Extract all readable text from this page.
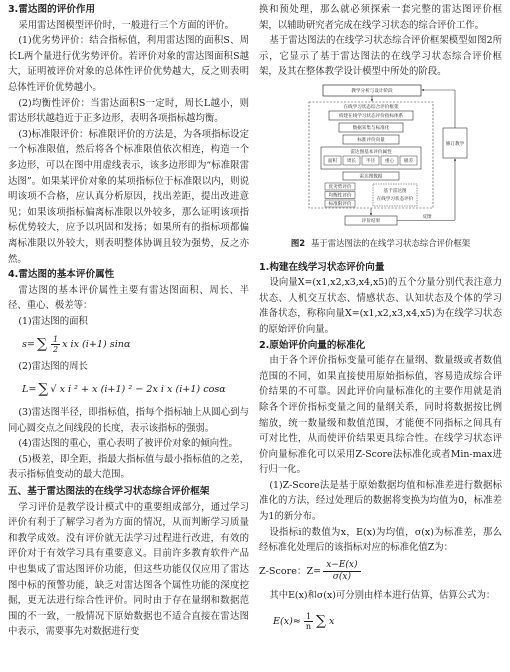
3.雷达图的评价作用

采用雷达图模型评价时，一般进行三个方面的评价。

(1)优劣势评价：结合指标值，利用雷达图的面积S、周长L两个量进行优劣势评价。若评价对象的雷达图面积S越大，证明被评价对象的总体性评价优势越大，反之则表明总体性评价优势越小。

(2)均衡性评价：当雷达面积S一定时，周长L越小，则雷达形状越趋近于正多边形，表明各项指标越均衡。

(3)标准限评价：标准限评价的方法是，为各项指标设定一个标准限值，然后将各个标准限值依次相连，构造一个多边形，可以在图中用虚线表示，该多边形即为“标准限雷达图”。如果某评价对象的某项指标位于标准限以内，则说明该项不合格，应认真分析原因，找出差距，提出改进意见；如果该项指标偏离标准限以外较多，那么证明该项指标优势较大，应予以巩固和发扬；如果所有的指标项都偏离标准限以外较大，则表明整体协调且较为强势，反之亦然。

4.雷达图的基本评价属性

雷达图的基本评价属性主要有雷达图面积、周长、半径、重心、极差等：

(1)雷达图的面积

s= ∑ $\frac{1}{2}$ x ix (i+1) sinα

(2)雷达图的周长

L= ∑ √ x i ² + x (i+1) ² − 2x i x (i+1) cosα

(3)雷达图半径，即指标值，指每个指标轴上从圆心到与同心圆交点之间线段的长度，表示该指标的强弱。

(4)雷达图的重心，重心表明了被评价对象的倾向性。

(5)极差，即全距，指最大指标值与最小指标值的之差，表示指标值变动的最大范围。

五、基于雷达图法的在线学习状态综合评价框架

学习评价是教学设计模式中的重要组成部分，通过学习评价有利于了解学习者为方面的情况，从而判断学习质量和教学成效。没有评价就无法学习过程进行改进，有效的评价对于有效学习具有重要意义。目前许多教育软件产品中也集成了雷达图评价功能，但这些功能仅仅应用了雷达图中标的预警功能，缺乏对雷达图各个属性功能的深度挖掘，更无法进行综合性评价。同时由于存在量纲和数据范围的不一致，一般情况下原始数据也不适合直接在雷达图中表示，需要事先对数据进行变

换和预处理，那么就必须探索一套完整的雷达图评价框架，以辅助研究者完成在线学习状态的综合评价工作。

基于雷达图法的在线学习状态综合评价框架模型如图2所示，它显示了基于雷达图法的在线学习状态综合评价框架，及其在整体教学设计模型中所处的阶段。

教学分析与设计阶段
在线学习状态综合评价框架
构建在线学习状态评价指标体系
数据采集与标准化
标准评价向量
雷达图基本评价属性
面积 周长 半径 重心 极差
雷达图数据
优劣势评价
均衡性评价
标准限评价
基于雷达图
在线学习状态评价
修订教学
评价结果
反馈
图2 基于雷达图法的在线学习状态综合评价框架
1.构建在线学习状态评价向量

设向量X=(x1,x2,x3,x4,x5)的五个分量分别代表注意力状态、人机交互状态、情感状态、认知状态及个体的学习准备状态，称称向量X=(x1,x2,x3,x4,x5)为在线学习状态的原始评价向量。

2.原始评价向量的标准化

由于各个评价指标变量可能存在量纲、数量级或者数值范围的不同，如果直接使用原始指标值，容易造成综合评价结果的不可靠。因此评价向量标准化的主要作用就是消除各个评价指标变量之间的量纲关系，同时将数据按比例缩放，统一数量级和数值范围，才能便不同指标之间具有可对比性，从而使评价结果更具综合性。在线学习状态评价向量标准化可以采用Z-Score法标准化或者Min-max进行归一化。

(1)Z-Score法是基于原始数据均值和标准差进行数据标准化的方法，经过处理后的数据将变换为均值为0，标准差为1的新分布。

设指标i的数值为x，E(x)为均值，σ(x)为标准差，那么经标准化处理后的该指标对应的标准化值Z为：

Z-Score：$Z= \frac{x-E(x)}{\sigma(x)}$

其中E(x)和σ(x)可分别由样本进行估算，估算公式为：

$E(x)\approx \frac{1}{n}$ ∑ x
